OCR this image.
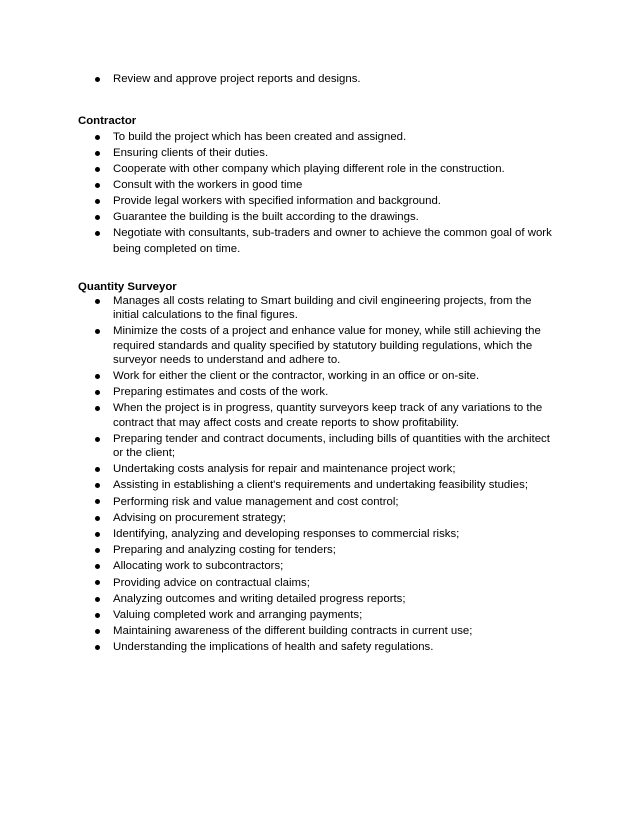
Review and approve project reports and designs.
Contractor
To build the project which has been created and assigned.
Ensuring clients of their duties.
Cooperate with other company which playing different role in the construction.
Consult with the workers in good time
Provide legal workers with specified information and background.
Guarantee the building is the built according to the drawings.
Negotiate with consultants, sub-traders and owner to achieve the common goal of work being completed on time.
Quantity Surveyor
Manages all costs relating to Smart building and civil engineering projects, from the initial calculations to the final figures.
Minimize the costs of a project and enhance value for money, while still achieving the required standards and quality specified by statutory building regulations, which the surveyor needs to understand and adhere to.
Work for either the client or the contractor, working in an office or on-site.
Preparing estimates and costs of the work.
When the project is in progress, quantity surveyors keep track of any variations to the contract that may affect costs and create reports to show profitability.
Preparing tender and contract documents, including bills of quantities with the architect or the client;
Undertaking costs analysis for repair and maintenance project work;
Assisting in establishing a client's requirements and undertaking feasibility studies;
Performing risk and value management and cost control;
Advising on procurement strategy;
Identifying, analyzing and developing responses to commercial risks;
Preparing and analyzing costing for tenders;
Allocating work to subcontractors;
Providing advice on contractual claims;
Analyzing outcomes and writing detailed progress reports;
Valuing completed work and arranging payments;
Maintaining awareness of the different building contracts in current use;
Understanding the implications of health and safety regulations.
